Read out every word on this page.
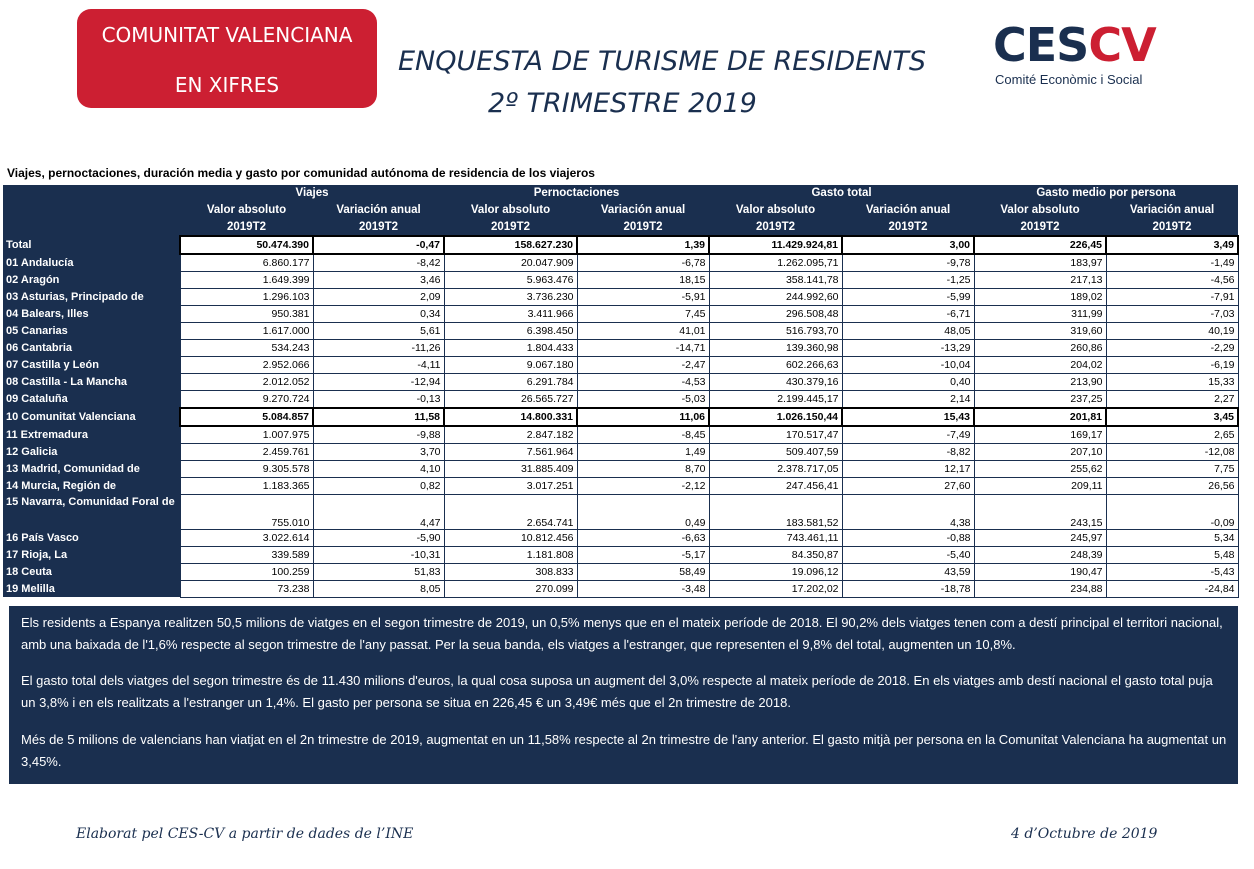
COMUNITAT VALENCIANA
EN XIFRES
ENQUESTA DE TURISME DE RESIDENTS
2º TRIMESTRE 2019
CESCV
Comité Econòmic i Social
Viajes, pernoctaciones, duración media y gasto por comunidad autónoma de residencia de los viajeros
	Viajes		Pernoctaciones		Gasto total		Gasto medio por persona	
	Valor absoluto	Variación anual	Valor absoluto	Variación anual	Valor absoluto	Variación anual	Valor absoluto	Variación anual
	2019T2	2019T2	2019T2	2019T2	2019T2	2019T2	2019T2	2019T2
Total	50.474.390	-0,47	158.627.230	1,39	11.429.924,81	3,00	226,45	3,49
01 Andalucía	6.860.177	-8,42	20.047.909	-6,78	1.262.095,71	-9,78	183,97	-1,49
02 Aragón	1.649.399	3,46	5.963.476	18,15	358.141,78	-1,25	217,13	-4,56
03 Asturias, Principado de	1.296.103	2,09	3.736.230	-5,91	244.992,60	-5,99	189,02	-7,91
04 Balears, Illes	950.381	0,34	3.411.966	7,45	296.508,48	-6,71	311,99	-7,03
05 Canarias	1.617.000	5,61	6.398.450	41,01	516.793,70	48,05	319,60	40,19
06 Cantabria	534.243	-11,26	1.804.433	-14,71	139.360,98	-13,29	260,86	-2,29
07 Castilla y León	2.952.066	-4,11	9.067.180	-2,47	602.266,63	-10,04	204,02	-6,19
08 Castilla - La Mancha	2.012.052	-12,94	6.291.784	-4,53	430.379,16	0,40	213,90	15,33
09 Cataluña	9.270.724	-0,13	26.565.727	-5,03	2.199.445,17	2,14	237,25	2,27
10 Comunitat Valenciana	5.084.857	11,58	14.800.331	11,06	1.026.150,44	15,43	201,81	3,45
11 Extremadura	1.007.975	-9,88	2.847.182	-8,45	170.517,47	-7,49	169,17	2,65
12 Galicia	2.459.761	3,70	7.561.964	1,49	509.407,59	-8,82	207,10	-12,08
13 Madrid, Comunidad de	9.305.578	4,10	31.885.409	8,70	2.378.717,05	12,17	255,62	7,75
14 Murcia, Región de	1.183.365	0,82	3.017.251	-2,12	247.456,41	27,60	209,11	26,56
15 Navarra, Comunidad Foral de	755.010	4,47	2.654.741	0,49	183.581,52	4,38	243,15	-0,09
16 País Vasco	3.022.614	-5,90	10.812.456	-6,63	743.461,11	-0,88	245,97	5,34
17 Rioja, La	339.589	-10,31	1.181.808	-5,17	84.350,87	-5,40	248,39	5,48
18 Ceuta	100.259	51,83	308.833	58,49	19.096,12	43,59	190,47	-5,43
19 Melilla	73.238	8,05	270.099	-3,48	17.202,02	-18,78	234,88	-24,84

Els residents a Espanya realitzen 50,5 milions de viatges en el segon trimestre de 2019, un 0,5% menys que en el mateix període de 2018. El 90,2% dels viatges tenen com a destí principal el territori nacional, amb una baixada de l'1,6% respecte al segon trimestre de l'any passat. Per la seua banda, els viatges a l'estranger, que representen el 9,8% del total, augmenten un 10,8%.

El gasto total dels viatges del segon trimestre és de 11.430 milions d'euros, la qual cosa suposa un augment del 3,0% respecte al mateix període de 2018. En els viatges amb destí nacional el gasto total puja un 3,8% i en els realitzats a l'estranger un 1,4%. El gasto per persona se situa en 226,45 € un 3,49€ més que el 2n trimestre de 2018.

Més de 5 milions de valencians han viatjat en el 2n trimestre de 2019, augmentat en un 11,58% respecte al 2n trimestre de l'any anterior. El gasto mitjà per persona en la Comunitat Valenciana ha augmentat un 3,45%.

Elaborat pel CES-CV a partir de dades de l’INE	4 d’Octubre de 2019
